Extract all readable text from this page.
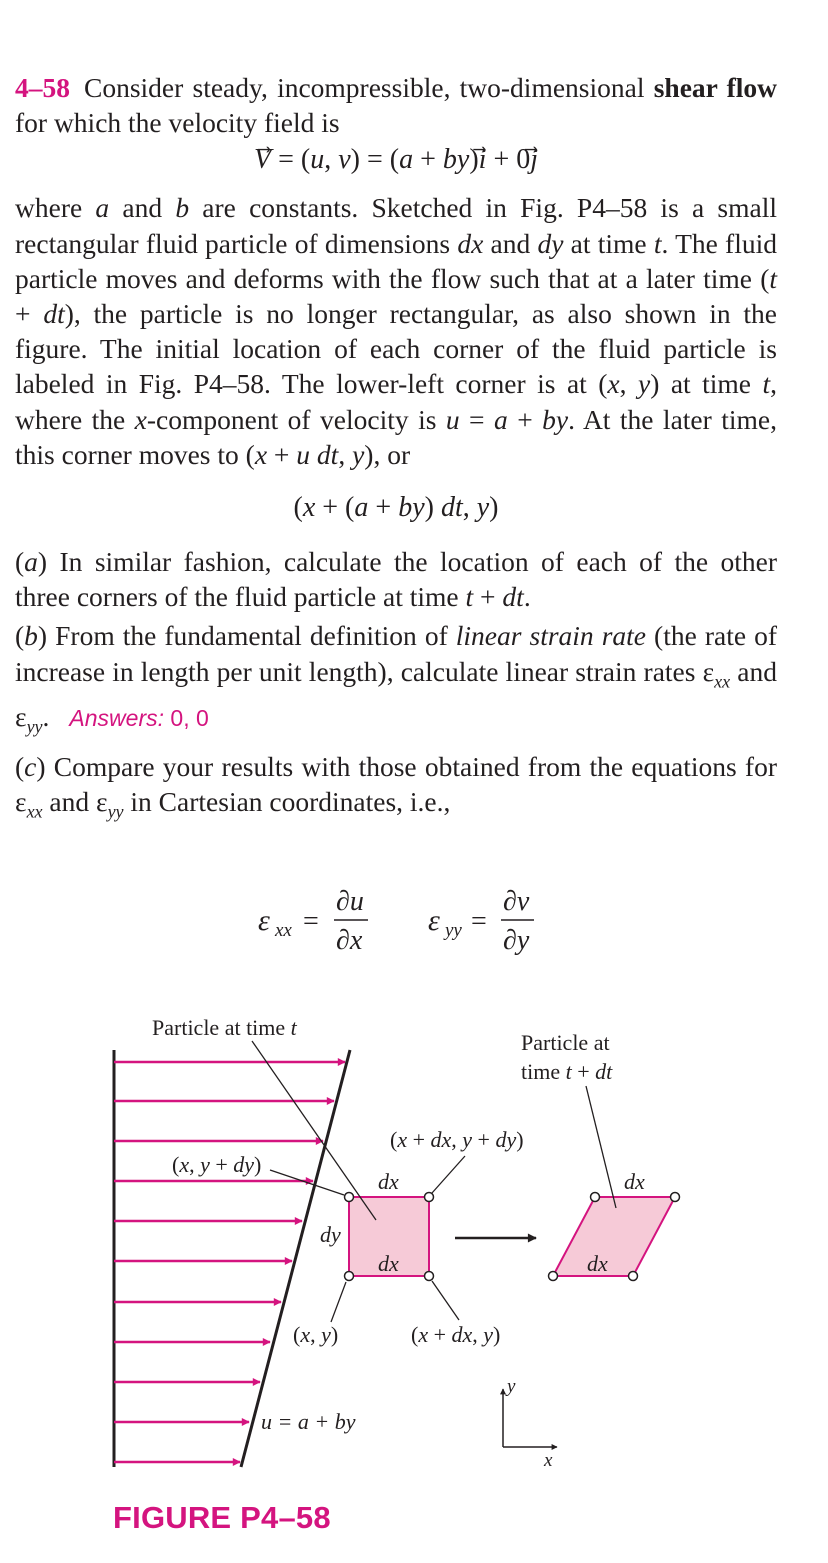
4–58 Consider steady, incompressible, two-dimensional shear flow for which the velocity field is

V⃗ = (u, v) = (a + by)i⃗ + 0j

where a and b are constants. Sketched in Fig. P4–58 is a small rectangular fluid particle of dimensions dx and dy at time t. The fluid particle moves and deforms with the flow such that at a later time (t + dt), the particle is no longer rectangular, as also shown in the figure. The initial location of each corner of the fluid particle is labeled in Fig. P4–58. The lower-left corner is at (x, y) at time t, where the x-component of velocity is u = a + by. At the later time, this corner moves to (x + u dt, y), or

(x + (a + by) dt, y)

(a) In similar fashion, calculate the location of each of the other three corners of the fluid particle at time t + dt.

(b) From the fundamental definition of linear strain rate (the rate of increase in length per unit length), calculate linear strain rates $\varepsilon_{xx}$ and $\varepsilon_{yy}$. Answers: 0, 0

(c) Compare your results with those obtained from the equations for $\varepsilon_{xx}$ and $\varepsilon_{yy}$ in Cartesian coordinates, i.e.,

ε xx =
∂u
∂x
ε yy =
∂v
∂y
Particle at time t
Particle at
time t + dt
(x + dx, y + dy)
(x, y + dy)
(x, y)	(x + dx, y)
dx
dx
dy
dx
dx
u = a + by
y
x
FIGURE P4–58
